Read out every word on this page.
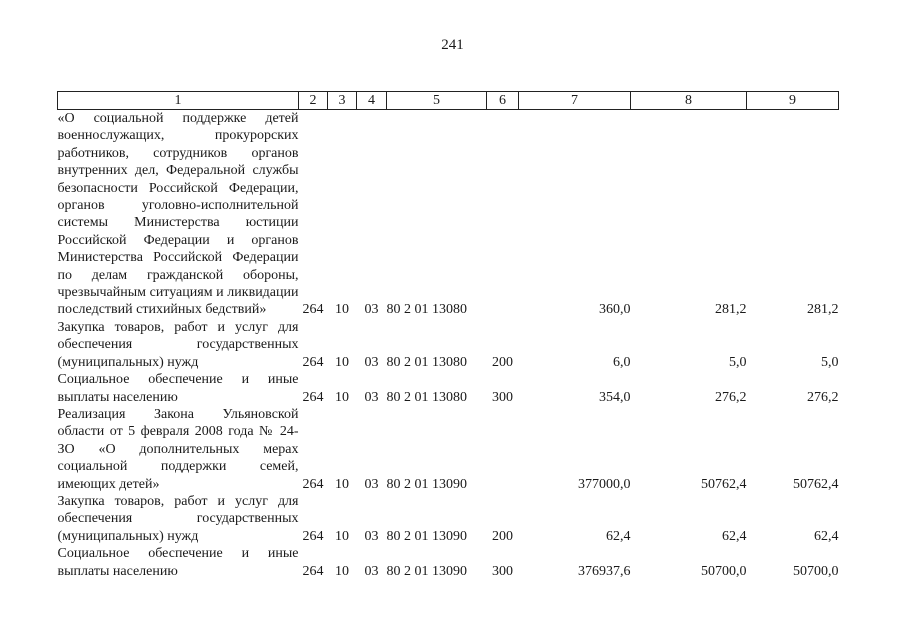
241
1	2	3	4	5	6	7	8	9
«О социальной поддержке детей военнослужащих, прокурорских работников, сотрудников органов внутренних дел, Федеральной службы безопасности Российской Федерации, органов уголовно-исполнительной системы Министерства юстиции Российской Федерации и органов Министерства Российской Федерации по делам гражданской обороны, чрезвычайным ситуациям и ликвидации последствий стихийных бедствий»	264	10	03	80 2 01 13080		360,0	281,2	281,2
Закупка товаров, работ и услуг для обеспечения государственных (муниципальных) нужд	264	10	03	80 2 01 13080	200	6,0	5,0	5,0
Социальное обеспечение и иные выплаты населению	264	10	03	80 2 01 13080	300	354,0	276,2	276,2
Реализация Закона Ульяновской области от 5 февраля 2008 года № 24-ЗО «О дополнительных мерах социальной поддержки семей, имеющих детей»	264	10	03	80 2 01 13090		377000,0	50762,4	50762,4
Закупка товаров, работ и услуг для обеспечения государственных (муниципальных) нужд	264	10	03	80 2 01 13090	200	62,4	62,4	62,4
Социальное обеспечение и иные выплаты населению	264	10	03	80 2 01 13090	300	376937,6	50700,0	50700,0
